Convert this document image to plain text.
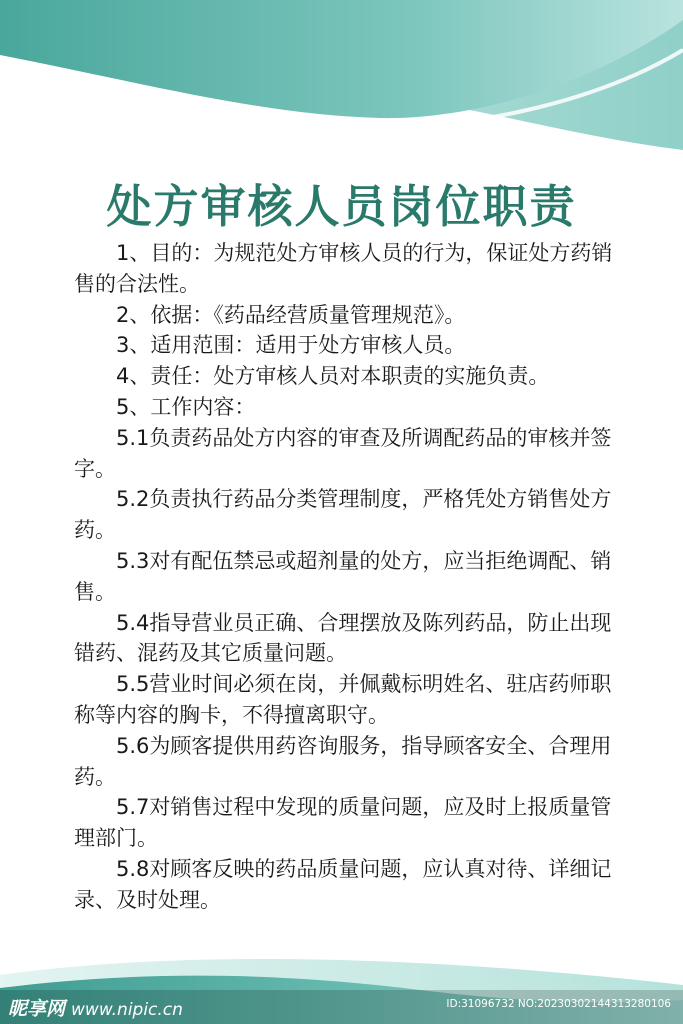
处方审核人员岗位职责

1、目的：为规范处方审核人员的行为，保证处方药销售的合法性。

2、依据：《药品经营质量管理规范》。

3、适用范围：适用于处方审核人员。

4、责任：处方审核人员对本职责的实施负责。

5、工作内容：

5.1负责药品处方内容的审查及所调配药品的审核并签字。

5.2负责执行药品分类管理制度，严格凭处方销售处方药。

5.3对有配伍禁忌或超剂量的处方，应当拒绝调配、销售。

5.4指导营业员正确、合理摆放及陈列药品，防止出现错药、混药及其它质量问题。

5.5营业时间必须在岗，并佩戴标明姓名、驻店药师职称等内容的胸卡，不得擅离职守。

5.6为顾客提供用药咨询服务，指导顾客安全、合理用药。

5.7对销售过程中发现的质量问题，应及时上报质量管理部门。

5.8对顾客反映的药品质量问题，应认真对待、详细记录、及时处理。

昵享网 www.nipic.cn	ID:31096732 NO:20230302144313280106
